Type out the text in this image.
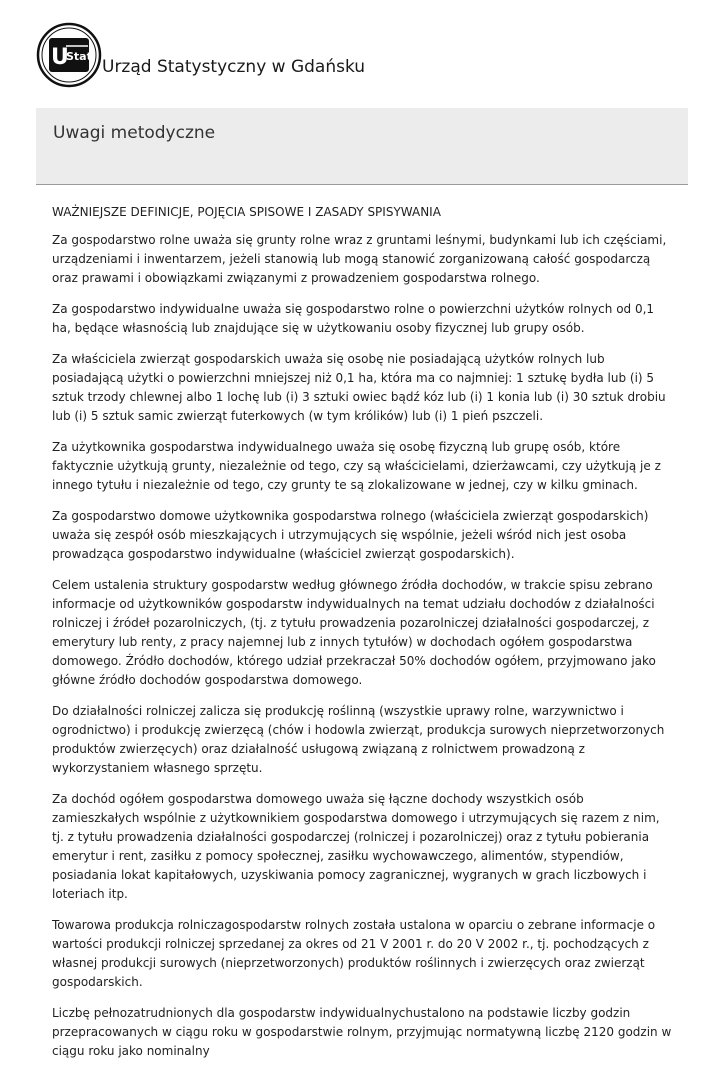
U
Stat
Urząd Statystyczny w Gdańsku
Uwagi metodyczne
WAŻNIEJSZE DEFINICJE, POJĘCIA SPISOWE I ZASADY SPISYWANIA

Za gospodarstwo rolne uważa się grunty rolne wraz z gruntami leśnymi, budynkami lub ich częściami, urządzeniami i inwentarzem, jeżeli stanowią lub mogą stanowić zorganizowaną całość gospodarczą oraz prawami i obowiązkami związanymi z prowadzeniem gospodarstwa rolnego.

Za gospodarstwo indywidualne uważa się gospodarstwo rolne o powierzchni użytków rolnych od 0,1 ha, będące własnością lub znajdujące się w użytkowaniu osoby fizycznej lub grupy osób.

Za właściciela zwierząt gospodarskich uważa się osobę nie posiadającą użytków rolnych lub posiadającą użytki o powierzchni mniejszej niż 0,1 ha, która ma co najmniej: 1 sztukę bydła lub (i) 5 sztuk trzody chlewnej albo 1 lochę lub (i) 3 sztuki owiec bądź kóz lub (i) 1 konia lub (i) 30 sztuk drobiu lub (i) 5 sztuk samic zwierząt futerkowych (w tym królików) lub (i) 1 pień pszczeli.

Za użytkownika gospodarstwa indywidualnego uważa się osobę fizyczną lub grupę osób, które faktycznie użytkują grunty, niezależnie od tego, czy są właścicielami, dzierżawcami, czy użytkują je z innego tytułu i niezależnie od tego, czy grunty te są zlokalizowane w jednej, czy w kilku gminach.

Za gospodarstwo domowe użytkownika gospodarstwa rolnego (właściciela zwierząt gospodarskich) uważa się zespół osób mieszkających i utrzymujących się wspólnie, jeżeli wśród nich jest osoba prowadząca gospodarstwo indywidualne (właściciel zwierząt gospodarskich).

Celem ustalenia struktury gospodarstw według głównego źródła dochodów, w trakcie spisu zebrano informacje od użytkowników gospodarstw indywidualnych na temat udziału dochodów z działalności rolniczej i źródeł pozarolniczych, (tj. z tytułu prowadzenia pozarolniczej działalności gospodarczej, z emerytury lub renty, z pracy najemnej lub z innych tytułów) w dochodach ogółem gospodarstwa domowego. Źródło dochodów, którego udział przekraczał 50% dochodów ogółem, przyjmowano jako główne źródło dochodów gospodarstwa domowego.

Do działalności rolniczej zalicza się produkcję roślinną (wszystkie uprawy rolne, warzywnictwo i ogrodnictwo) i produkcję zwierzęcą (chów i hodowla zwierząt, produkcja surowych nieprzetworzonych produktów zwierzęcych) oraz działalność usługową związaną z rolnictwem prowadzoną z wykorzystaniem własnego sprzętu.

Za dochód ogółem gospodarstwa domowego uważa się łączne dochody wszystkich osób zamieszkałych wspólnie z użytkownikiem gospodarstwa domowego i utrzymujących się razem z nim, tj. z tytułu prowadzenia działalności gospodarczej (rolniczej i pozarolniczej) oraz z tytułu pobierania emerytur i rent, zasiłku z pomocy społecznej, zasiłku wychowawczego, alimentów, stypendiów, posiadania lokat kapitałowych, uzyskiwania pomocy zagranicznej, wygranych w grach liczbowych i loteriach itp.

Towarowa produkcja rolniczagospodarstw rolnych została ustalona w oparciu o zebrane informacje o wartości produkcji rolniczej sprzedanej za okres od 21 V 2001 r. do 20 V 2002 r., tj. pochodzących z własnej produkcji surowych (nieprzetworzonych) produktów roślinnych i zwierzęcych oraz zwierząt gospodarskich.

Liczbę pełnozatrudnionych dla gospodarstw indywidualnychustalono na podstawie liczby godzin przepracowanych w ciągu roku w gospodarstwie rolnym, przyjmując normatywną liczbę 2120 godzin w ciągu roku jako nominalny
